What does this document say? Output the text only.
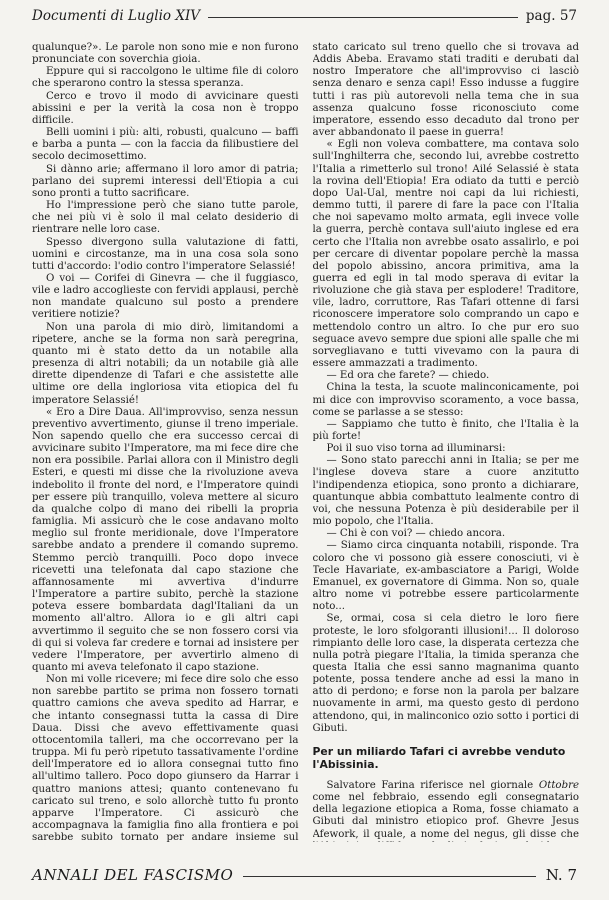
Documenti di Luglio XIV	pag. 57

qualunque?». Le parole non sono mie e non furono pronunciate con soverchia gioia.

Eppure qui si raccolgono le ultime file di coloro che sperarono contro la stessa speranza.

Cerco e trovo il modo di avvicinare questi abissini e per la verità la cosa non è troppo difficile.

Belli uomini i più: alti, robusti, qualcuno — baffi e barba a punta — con la faccia da filibustiere del secolo decimosettimo.

Si dànno arie; affermano il loro amor di patria; parlano dei supremi interessi dell'Etiopia a cui sono pronti a tutto sacrificare.

Ho l'impressione però che siano tutte parole, che nei più vi è solo il mal celato desiderio di rientrare nelle loro case.

Spesso divergono sulla valutazione di fatti, uomini e circostanze, ma in una cosa sola sono tutti d'accordo: l'odio contro l'imperatore Selassié!

O voi — Corifei di Ginevra — che il fuggiasco, vile e ladro accoglieste con fervidi applausi, perchè non mandate qualcuno sul posto a prendere veritiere notizie?

Non una parola di mio dirò, limitandomi a ripetere, anche se la forma non sarà peregrina, quanto mi è stato detto da un notabile alla presenza di altri notabili; da un notabile già alle dirette dipendenze di Tafari e che assistette alle ultime ore della ingloriosa vita etiopica del fu imperatore Selassié!

« Ero a Dire Daua. All'improvviso, senza nessun preventivo avvertimento, giunse il treno imperiale. Non sapendo quello che era successo cercai di avvicinare subito l'Imperatore, ma mi fece dire che non era possibile. Parlai allora con il Ministro degli Esteri, e questi mi disse che la rivoluzione aveva indebolito il fronte del nord, e l'Imperatore quindi per essere più tranquillo, voleva mettere al sicuro da qualche colpo di mano dei ribelli la propria famiglia. Mi assicurò che le cose andavano molto meglio sul fronte meridionale, dove l'Imperatore sarebbe andato a prendere il comando supremo. Stemmo perciò tranquilli. Poco dopo invece ricevetti una telefonata dal capo stazione che affannosamente mi avvertiva d'indurre l'Imperatore a partire subito, perchè la stazione poteva essere bombardata dagl'Italiani da un momento all'altro. Allora io e gli altri capi avvertimmo il seguito che se non fossero corsi via di qui si voleva far credere e tornai ad insistere per vedere l'Imperatore, per avvertirlo almeno di quanto mi aveva telefonato il capo stazione.

Non mi volle ricevere; mi fece dire solo che esso non sarebbe partito se prima non fossero tornati quattro camions che aveva spedito ad Harrar, e che intanto consegnassi tutta la cassa di Dire Daua. Dissi che avevo effettivamente quasi ottocentomila talleri, ma che occorrevano per la truppa. Mi fu però ripetuto tassativamente l'ordine dell'Imperatore ed io allora consegnai tutto fino all'ultimo tallero. Poco dopo giunsero da Harrar i quattro manions attesi; quanto contenevano fu caricato sul treno, e solo allorchè tutto fu pronto apparve l'Imperatore. Ci assicurò che accompagnava la famiglia fino alla frontiera e poi sarebbe subito tornato per andare insieme sul

stato caricato sul treno quello che si trovava ad Addis Abeba. Eravamo stati traditi e derubati dal nostro Imperatore che all'improvviso ci lasciò senza denaro e senza capi! Esso indusse a fuggire tutti i ras più autorevoli nella tema che in sua assenza qualcuno fosse riconosciuto come imperatore, essendo esso decaduto dal trono per aver abbandonato il paese in guerra!

« Egli non voleva combattere, ma contava solo sull'Inghilterra che, secondo lui, avrebbe costretto l'Italia a rimetterlo sul trono! Ailé Selassié è stata la rovina dell'Etiopia! Era odiato da tutti e perciò dopo Ual-Ual, mentre noi capi da lui richiesti, demmo tutti, il parere di fare la pace con l'Italia che noi sapevamo molto armata, egli invece volle la guerra, perchè contava sull'aiuto inglese ed era certo che l'Italia non avrebbe osato assalirlo, e poi per cercare di diventar popolare perchè la massa del popolo abissino, ancora primitiva, ama la guerra ed egli in tal modo sperava di evitar la rivoluzione che già stava per esplodere! Traditore, vile, ladro, corruttore, Ras Tafari ottenne di farsi riconoscere imperatore solo comprando un capo e mettendolo contro un altro. Io che pur ero suo seguace avevo sempre due spioni alle spalle che mi sorvegliavano e tutti vivevamo con la paura di essere ammazzati a tradimento.

— Ed ora che farete? — chiedo.

China la testa, la scuote malinconicamente, poi mi dice con improvviso scoramento, a voce bassa, come se parlasse a se stesso:

— Sappiamo che tutto è finito, che l'Italia è la più forte!

Poi il suo viso torna ad illuminarsi:

— Sono stato parecchi anni in Italia; se per me l'inglese doveva stare a cuore anzitutto l'indipendenza etiopica, sono pronto a dichiarare, quantunque abbia combattuto lealmente contro di voi, che nessuna Potenza è più desiderabile per il mio popolo, che l'Italia.

— Chi è con voi? — chiedo ancora.

— Siamo circa cinquanta notabili, risponde. Tra coloro che vi possono già essere conosciuti, vi è Tecle Havariate, ex-ambasciatore a Parigi, Wolde Emanuel, ex governatore di Gimma. Non so, quale altro nome vi potrebbe essere particolarmente noto...

Se, ormai, cosa si cela dietro le loro fiere proteste, le loro sfolgoranti illusioni!... Il doloroso rimpianto delle loro case, la disperata certezza che nulla potrà piegare l'Italia, la timida speranza che questa Italia che essi sanno magnanima quanto potente, possa tendere anche ad essi la mano in atto di perdono; e forse non la parola per balzare nuovamente in armi, ma questo gesto di perdono attendono, qui, in malinconico ozio sotto i portici di Gibuti.

Per un miliardo Tafari ci avrebbe venduto l'Abissinia.

Salvatore Farina riferisce nel giornale Ottobre come nel febbraio, essendo egli consegnatario della legazione etiopica a Roma, fosse chiamato a Gibuti dal ministro etiopico prof. Ghevre Jesus Afework, il quale, a nome del negus, gli disse che

ANNALI DEL FASCISMO	N. 7
